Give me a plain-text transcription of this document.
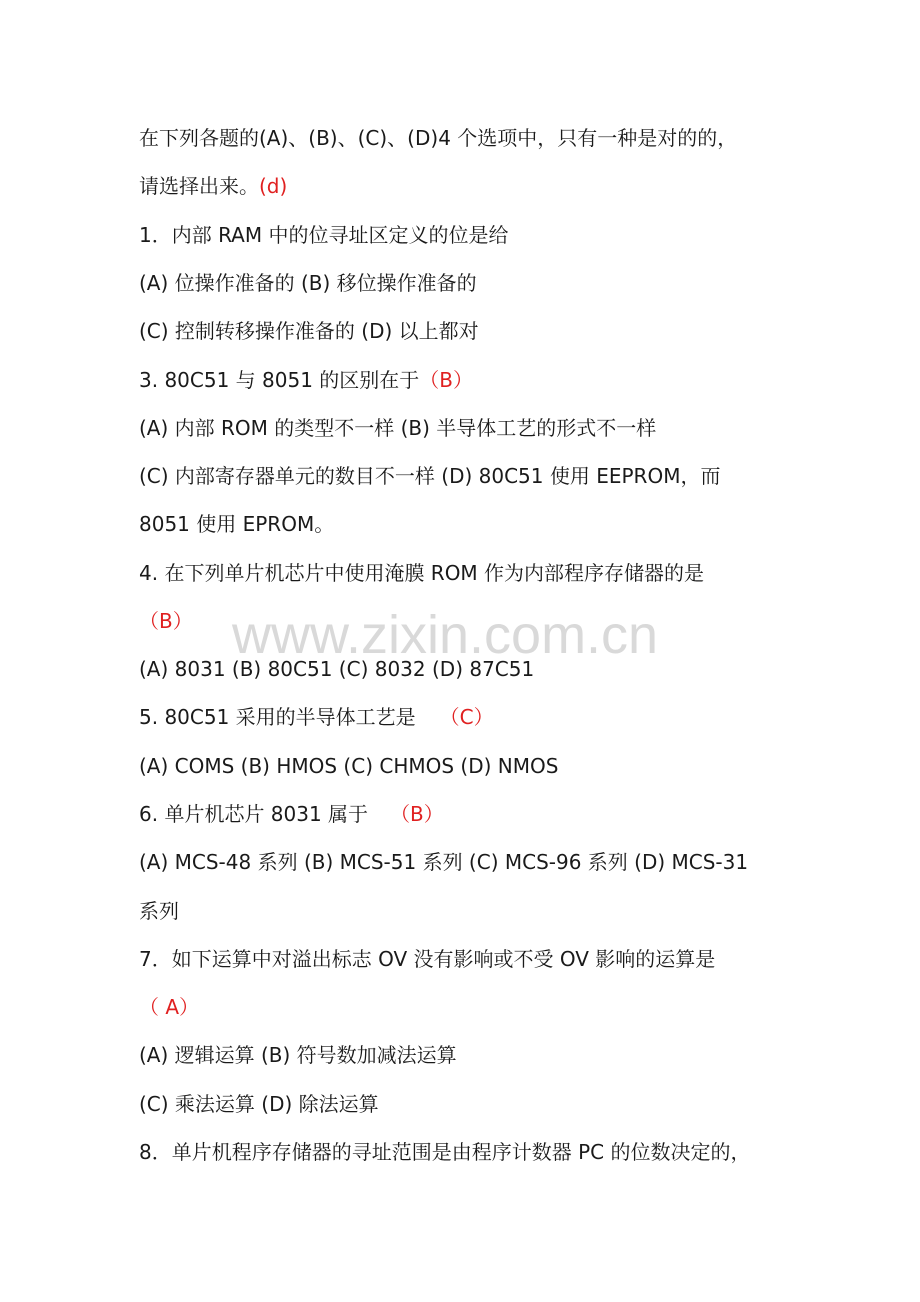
在下列各题的(A)、(B)、(C)、(D)4 个选项中，只有一种是对的的，
请选择出来。(d)
1．内部 RAM 中的位寻址区定义的位是给
(A) 位操作准备的 (B) 移位操作准备的
(C) 控制转移操作准备的 (D) 以上都对
3. 80C51 与 8051 的区别在于（B）
(A) 内部 ROM 的类型不一样 (B) 半导体工艺的形式不一样
(C) 内部寄存器单元的数目不一样 (D) 80C51 使用 EEPROM，而
8051 使用 EPROM。
4. 在下列单片机芯片中使用淹膜 ROM 作为内部程序存储器的是
（B）
(A) 8031 (B) 80C51 (C) 8032 (D) 87C51
5. 80C51 采用的半导体工艺是 （C）
(A) COMS (B) HMOS (C) CHMOS (D) NMOS
6. 单片机芯片 8031 属于 （B）
(A) MCS-48 系列 (B) MCS-51 系列 (C) MCS-96 系列 (D) MCS-31
系列
7．如下运算中对溢出标志 OV 没有影响或不受 OV 影响的运算是
（ A）
(A) 逻辑运算 (B) 符号数加减法运算
(C) 乘法运算 (D) 除法运算
8．单片机程序存储器的寻址范围是由程序计数器 PC 的位数决定的，
www.zixin.com.cn
